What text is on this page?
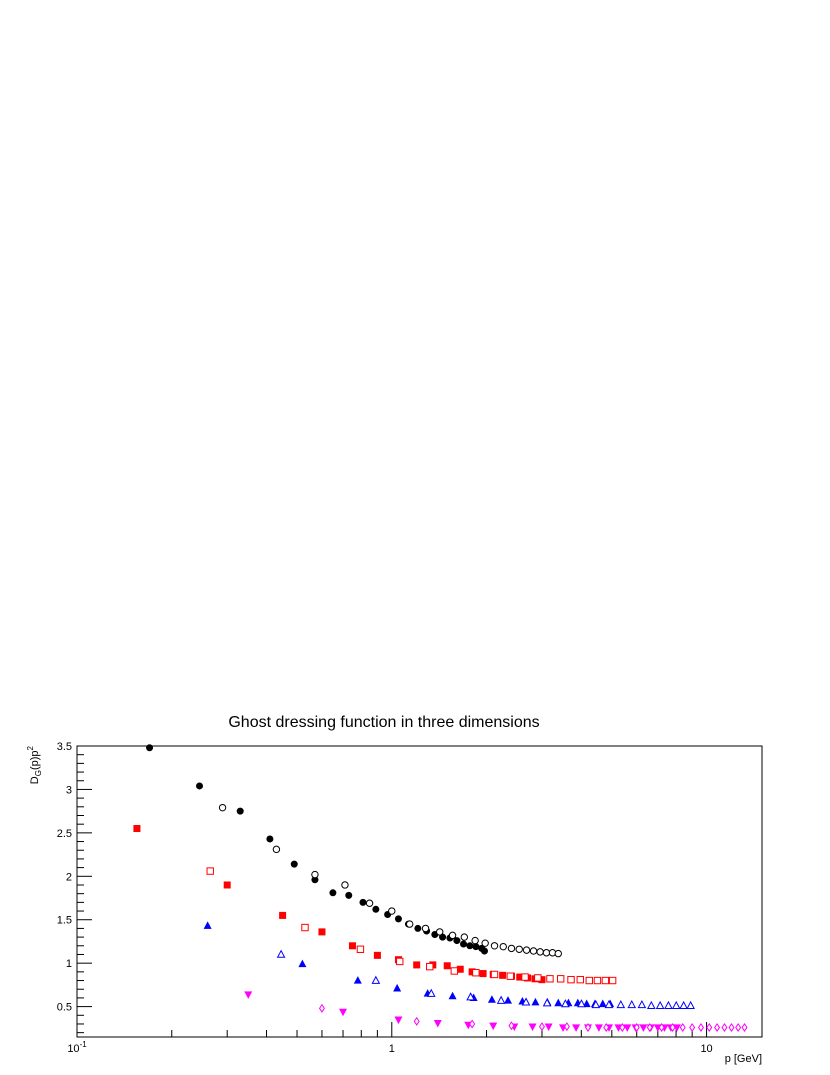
Ghost dressing function in three dimensions
0.5
1
1.5
2
2.5
3
3.5
$10^{-1}$	1	10
$D_G(p)p^2$
p [GeV]
